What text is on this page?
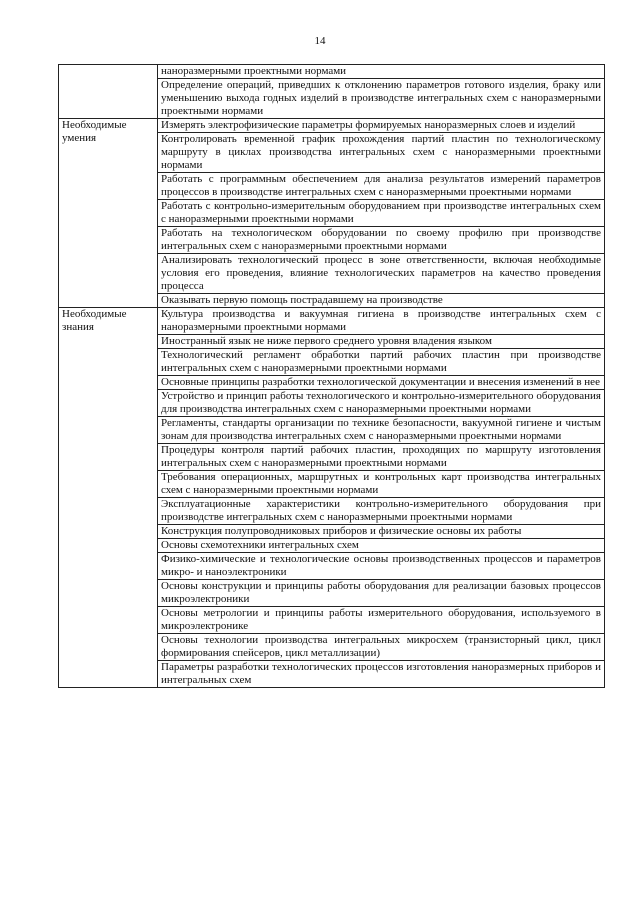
14
	наноразмерными проектными нормами
	Определение операций, приведших к отклонению параметров готового изделия, браку или уменьшению выхода годных изделий в производстве интегральных схем с наноразмерными проектными нормами
Необходимые умения	Измерять электрофизические параметры формируемых наноразмерных слоев и изделий
	Контролировать временной график прохождения партий пластин по технологическому маршруту в циклах производства интегральных схем с наноразмерными проектными нормами
	Работать с программным обеспечением для анализа результатов измерений параметров процессов в производстве интегральных схем с наноразмерными проектными нормами
	Работать с контрольно-измерительным оборудованием при производстве интегральных схем с наноразмерными проектными нормами
	Работать на технологическом оборудовании по своему профилю при производстве интегральных схем с наноразмерными проектными нормами
	Анализировать технологический процесс в зоне ответственности, включая необходимые условия его проведения, влияние технологических параметров на качество проведения процесса
	Оказывать первую помощь пострадавшему на производстве
Необходимые знания	Культура производства и вакуумная гигиена в производстве интегральных схем с наноразмерными проектными нормами
	Иностранный язык не ниже первого среднего уровня владения языком
	Технологический регламент обработки партий рабочих пластин при производстве интегральных схем с наноразмерными проектными нормами
	Основные принципы разработки технологической документации и внесения изменений в нее
	Устройство и принцип работы технологического и контрольно-измерительного оборудования для производства интегральных схем с наноразмерными проектными нормами
	Регламенты, стандарты организации по технике безопасности, вакуумной гигиене и чистым зонам для производства интегральных схем с наноразмерными проектными нормами
	Процедуры контроля партий рабочих пластин, проходящих по маршруту изготовления интегральных схем с наноразмерными проектными нормами
	Требования операционных, маршрутных и контрольных карт производства интегральных схем с наноразмерными проектными нормами
	Эксплуатационные характеристики контрольно-измерительного оборудования при производстве интегральных схем с наноразмерными проектными нормами
	Конструкция полупроводниковых приборов и физические основы их работы
	Основы схемотехники интегральных схем
	Физико-химические и технологические основы производственных процессов и параметров микро- и наноэлектроники
	Основы конструкции и принципы работы оборудования для реализации базовых процессов микроэлектроники
	Основы метрологии и принципы работы измерительного оборудования, используемого в микроэлектронике
	Основы технологии производства интегральных микросхем (транзисторный цикл, цикл формирования спейсеров, цикл металлизации)
	Параметры разработки технологических процессов изготовления наноразмерных приборов и интегральных схем
